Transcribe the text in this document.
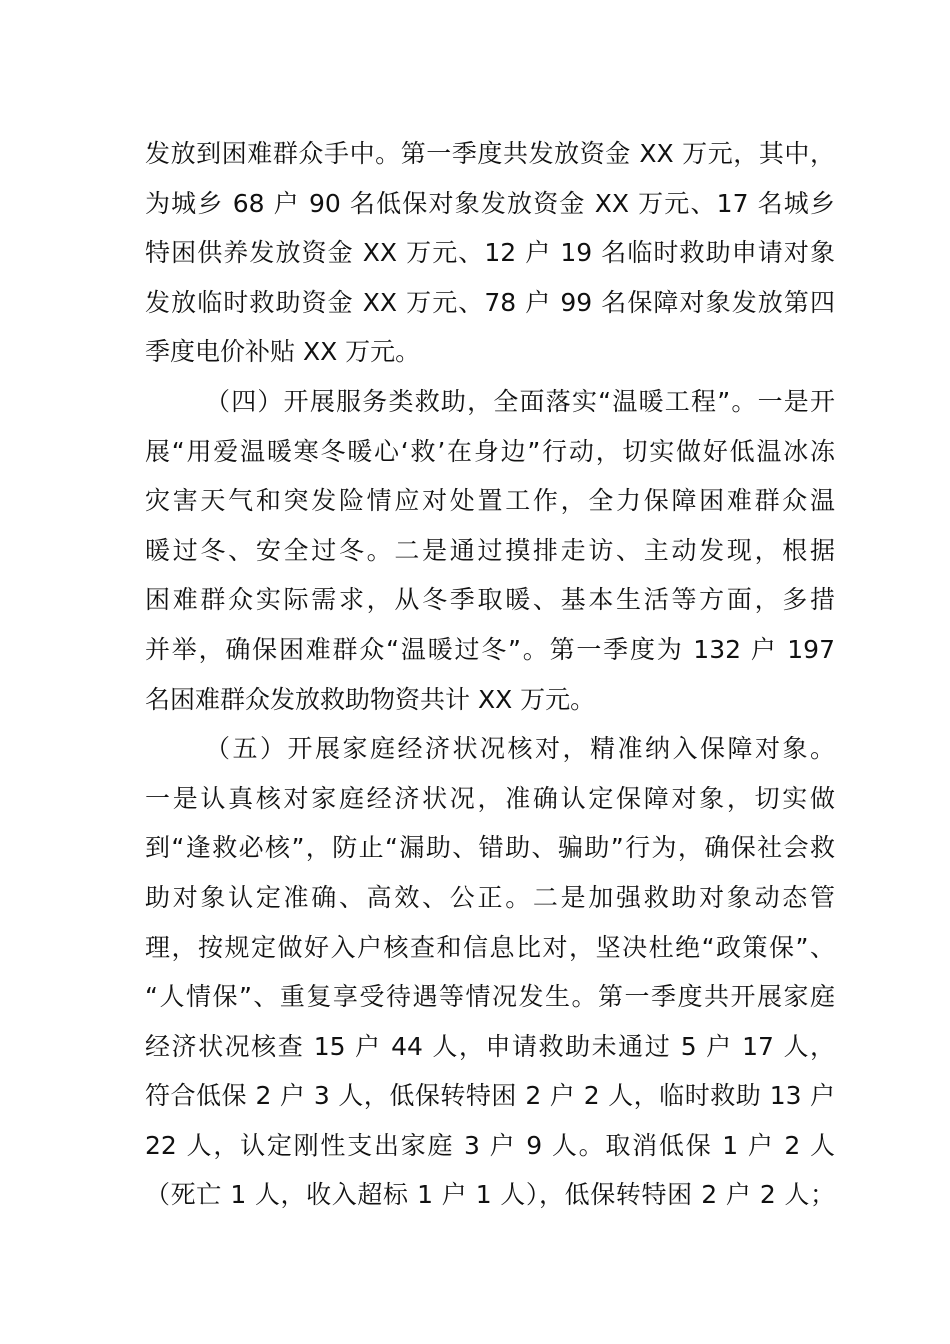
发放到困难群众手中。第一季度共发放资金 XX 万元，其中，
为城乡 68 户 90 名低保对象发放资金 XX 万元、17 名城乡
特困供养发放资金 XX 万元、12 户 19 名临时救助申请对象
发放临时救助资金 XX 万元、78 户 99 名保障对象发放第四
季度电价补贴 XX 万元。
（四）开展服务类救助，全面落实“温暖工程”。一是开
展“用爱温暖寒冬暖心‘救’在身边”行动，切实做好低温冰冻
灾害天气和突发险情应对处置工作，全力保障困难群众温
暖过冬、安全过冬。二是通过摸排走访、主动发现，根据
困难群众实际需求，从冬季取暖、基本生活等方面，多措
并举，确保困难群众“温暖过冬”。第一季度为 132 户 197
名困难群众发放救助物资共计 XX 万元。
（五）开展家庭经济状况核对，精准纳入保障对象。
一是认真核对家庭经济状况，准确认定保障对象，切实做
到“逢救必核”，防止“漏助、错助、骗助”行为，确保社会救
助对象认定准确、高效、公正。二是加强救助对象动态管
理，按规定做好入户核查和信息比对，坚决杜绝“政策保”、
“人情保”、重复享受待遇等情况发生。第一季度共开展家庭
经济状况核查 15 户 44 人，申请救助未通过 5 户 17 人，
符合低保 2 户 3 人，低保转特困 2 户 2 人，临时救助 13 户
22 人，认定刚性支出家庭 3 户 9 人。取消低保 1 户 2 人
（死亡 1 人，收入超标 1 户 1 人），低保转特困 2 户 2 人；
